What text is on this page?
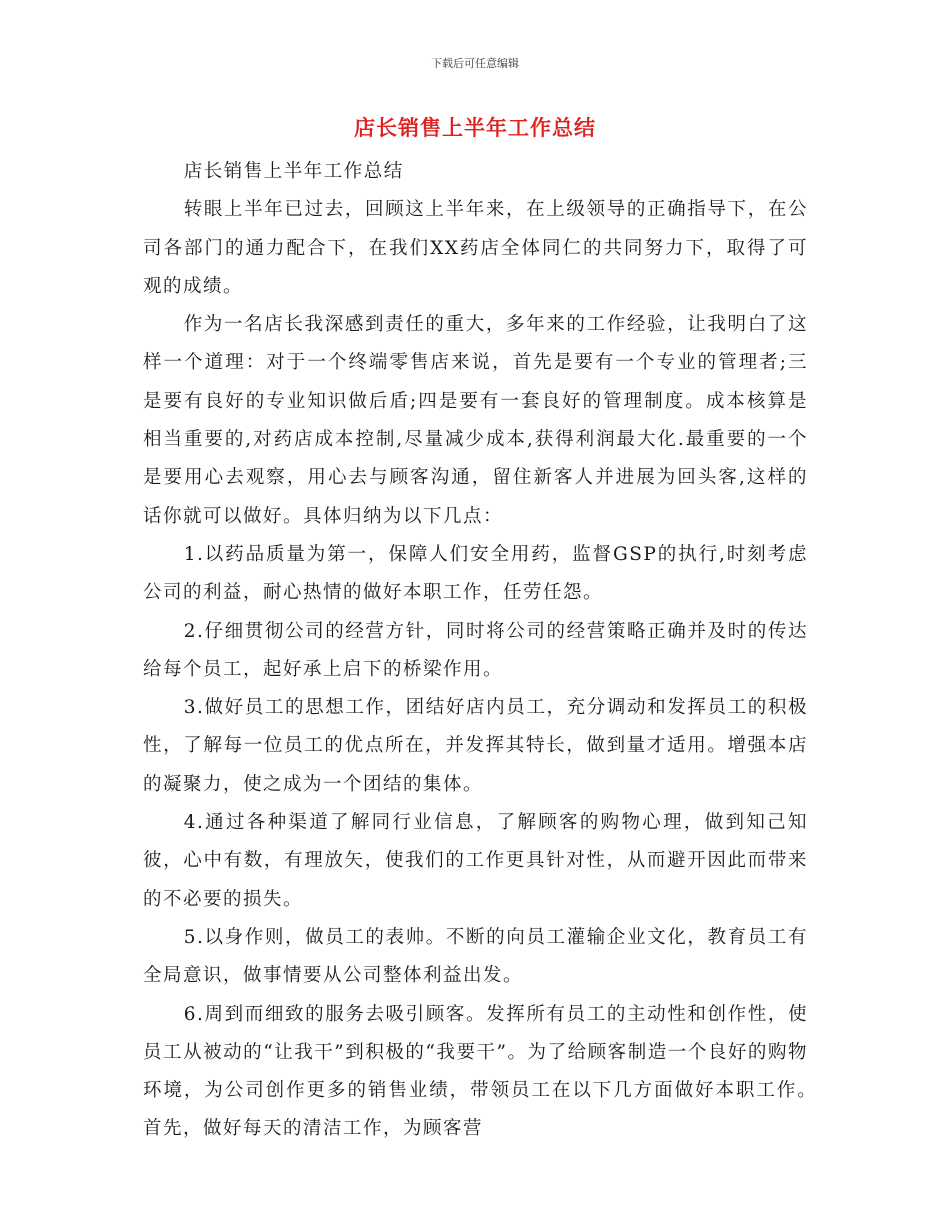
下载后可任意编辑
店长销售上半年工作总结

店长销售上半年工作总结

转眼上半年已过去，回顾这上半年来，在上级领导的正确指导下，在公司各部门的通力配合下，在我们XX药店全体同仁的共同努力下，取得了可观的成绩。

作为一名店长我深感到责任的重大，多年来的工作经验，让我明白了这样一个道理：对于一个终端零售店来说，首先是要有一个专业的管理者;三是要有良好的专业知识做后盾;四是要有一套良好的管理制度。成本核算是相当重要的,对药店成本控制,尽量减少成本,获得利润最大化.最重要的一个是要用心去观察，用心去与顾客沟通，留住新客人并进展为回头客,这样的话你就可以做好。具体归纳为以下几点：

1.以药品质量为第一，保障人们安全用药，监督GSP的执行,时刻考虑公司的利益，耐心热情的做好本职工作，任劳任怨。

2.仔细贯彻公司的经营方针，同时将公司的经营策略正确并及时的传达给每个员工，起好承上启下的桥梁作用。

3.做好员工的思想工作，团结好店内员工，充分调动和发挥员工的积极性，了解每一位员工的优点所在，并发挥其特长，做到量才适用。增强本店的凝聚力，使之成为一个团结的集体。

4.通过各种渠道了解同行业信息，了解顾客的购物心理，做到知己知彼，心中有数，有理放矢，使我们的工作更具针对性，从而避开因此而带来的不必要的损失。

5.以身作则，做员工的表帅。不断的向员工灌输企业文化，教育员工有全局意识，做事情要从公司整体利益出发。

6.周到而细致的服务去吸引顾客。发挥所有员工的主动性和创作性，使员工从被动的“让我干”到积极的“我要干”。为了给顾客制造一个良好的购物环境，为公司创作更多的销售业绩，带领员工在以下几方面做好本职工作。　　首先，做好每天的清洁工作，为顾客营
